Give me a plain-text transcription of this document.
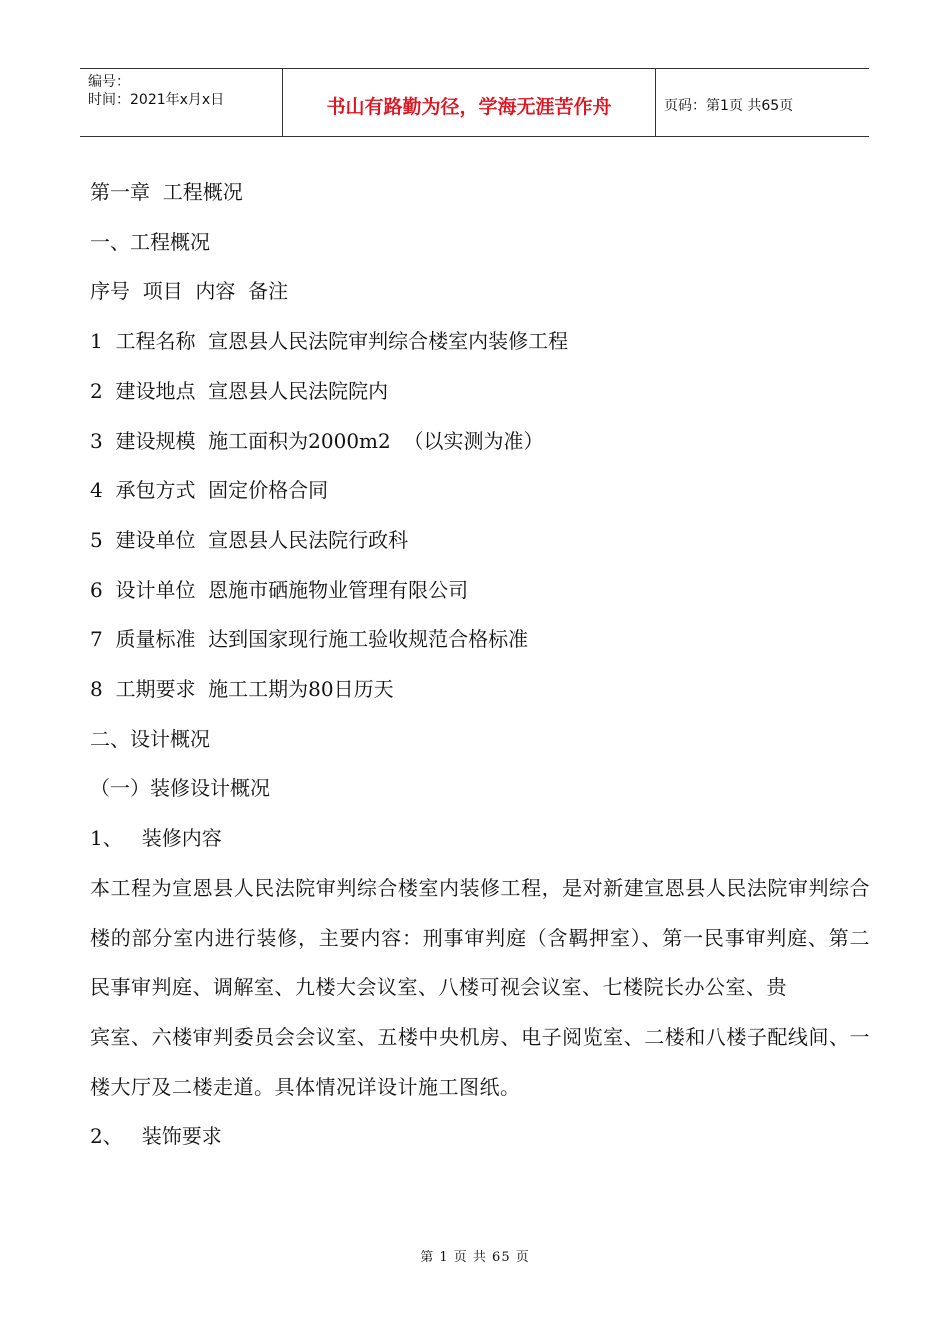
编号：
时间：2021年x月x日	书山有路勤为径，学海无涯苦作舟	页码：第1页 共65页

第一章  工程概况

一、工程概况

序号  项目  内容  备注

1  工程名称  宣恩县人民法院审判综合楼室内装修工程

2  建设地点  宣恩县人民法院院内

3  建设规模  施工面积为2000m2  （以实测为准）

4  承包方式  固定价格合同

5  建设单位  宣恩县人民法院行政科

6  设计单位  恩施市硒施物业管理有限公司

7  质量标准  达到国家现行施工验收规范合格标准

8  工期要求  施工工期为80日历天

二、设计概况

（一）装修设计概况

1、   装修内容

本工程为宣恩县人民法院审判综合楼室内装修工程，是对新建宣恩县人民法院审判综合楼的部分室内进行装修，主要内容：刑事审判庭（含羁押室）、第一民事审判庭、第二民事审判庭、调解室、九楼大会议室、八楼可视会议室、七楼院长办公室、贵

宾室、六楼审判委员会会议室、五楼中央机房、电子阅览室、二楼和八楼子配线间、一楼大厅及二楼走道。具体情况详设计施工图纸。

2、   装饰要求

第 1 页 共 65 页
